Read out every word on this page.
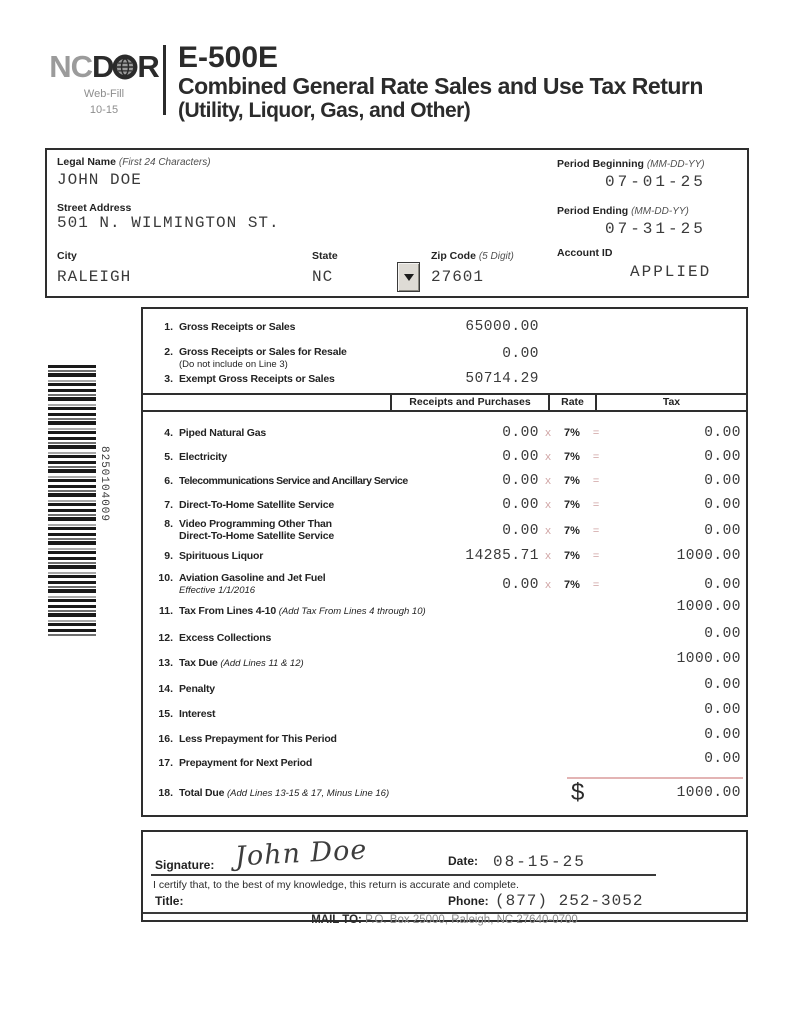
NCD R
Web-Fill
10-15
E-500E
Combined General Rate Sales and Use Tax Return
(Utility, Liquor, Gas, and Other)
Legal Name (First 24 Characters)
JOHN DOE
Street Address
501 N. WILMINGTON ST.
City
RALEIGH
State
NC
Zip Code (5 Digit)
27601
Period Beginning (MM-DD-YY)
07-01-25
Period Ending (MM-DD-YY)
07-31-25
Account ID
APPLIED
8250104009
1. Gross Receipts or Sales	65000.00
2. Gross Receipts or Sales for Resale
(Do not include on Line 3)
0.00
3. Exempt Gross Receipts or Sales	50714.29
Receipts and Purchases	Rate	Tax
4. Piped Natural Gas	0.00 x	7%	=	0.00
5. Electricity	0.00 x	7%	=	0.00
6. Telecommunications Service and Ancillary Service	0.00 x	7%	=	0.00
7. Direct-To-Home Satellite Service	0.00 x	7%	=	0.00
8. Video Programming Other Than
Direct-To-Home Satellite Service	0.00 x	7%	=	0.00
9. Spirituous Liquor	14285.71 x	7%	=	1000.00
10. Aviation Gasoline and Jet Fuel
Effective 1/1/2016	0.00 x	7%	=	0.00
11. Tax From Lines 4-10 (Add Tax From Lines 4 through 10)	1000.00
12. Excess Collections	0.00
13. Tax Due (Add Lines 11 & 12)	1000.00
14. Penalty	0.00
15. Interest	0.00
16. Less Prepayment for This Period	0.00
17. Prepayment for Next Period	0.00
$
18. Total Due (Add Lines 13-15 & 17, Minus Line 16)	1000.00
Signature: John Doe
I certify that, to the best of my knowledge, this return is accurate and complete.
Date: 08-15-25
Title:	Phone: (877) 252-3052
MAIL TO: P.O. Box 25000, Raleigh, NC 27640-0700
